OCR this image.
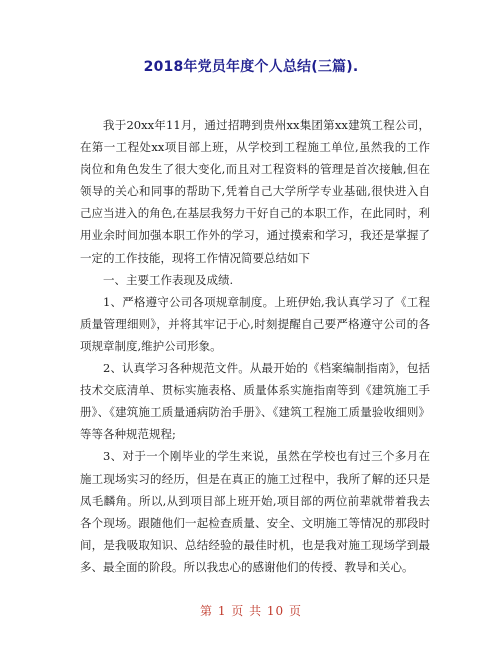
2018年党员年度个人总结(三篇).

我于20xx年11月，通过招聘到贵州xx集团第xx建筑工程公司，在第一工程处xx项目部上班，从学校到工程施工单位,虽然我的工作岗位和角色发生了很大变化,而且对工程资料的管理是首次接触,但在领导的关心和同事的帮助下,凭着自己大学所学专业基础,很快进入自己应当进入的角色,在基层我努力干好自己的本职工作，在此同时，利用业余时间加强本职工作外的学习，通过摸索和学习，我还是掌握了一定的工作技能，现将工作情况简要总结如下

一、主要工作表现及成绩.

1、严格遵守公司各项规章制度。上班伊始,我认真学习了《工程质量管理细则》，并将其牢记于心,时刻提醒自己要严格遵守公司的各项规章制度,维护公司形象。

2、认真学习各种规范文件。从最开始的《档案编制指南》，包括技术交底清单、贯标实施表格、质量体系实施指南等到《建筑施工手册》、《建筑施工质量通病防治手册》、《建筑工程施工质量验收细则》等等各种规范规程;

3、对于一个刚毕业的学生来说，虽然在学校也有过三个多月在施工现场实习的经历，但是在真正的施工过程中，我所了解的还只是凤毛麟角。所以,从到项目部上班开始,项目部的两位前辈就带着我去各个现场。跟随他们一起检查质量、安全、文明施工等情况的那段时间，是我吸取知识、总结经验的最佳时机，也是我对施工现场学到最多、最全面的阶段。所以我忠心的感谢他们的传授、教导和关心。

第 1 页 共 10 页
